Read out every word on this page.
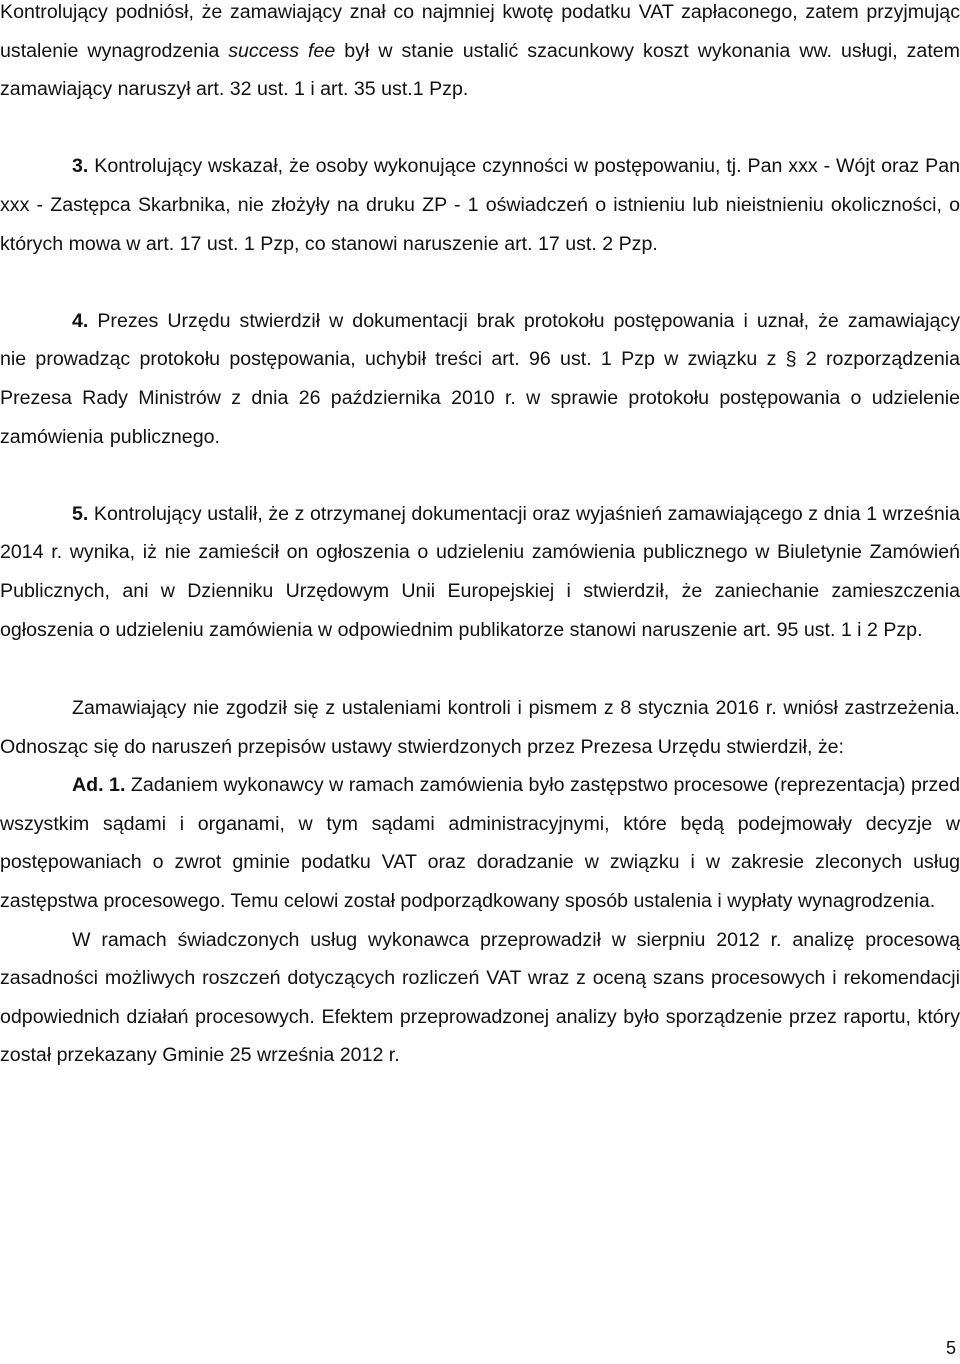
Kontrolujący podniósł, że zamawiający znał co najmniej kwotę podatku VAT zapłaconego, zatem przyjmując ustalenie wynagrodzenia success fee był w stanie ustalić szacunkowy koszt wykonania ww. usługi, zatem zamawiający naruszył art. 32 ust. 1 i art. 35 ust.1 Pzp.

3. Kontrolujący wskazał, że osoby wykonujące czynności w postępowaniu, tj. Pan xxx - Wójt oraz Pan xxx - Zastępca Skarbnika, nie złożyły na druku ZP - 1 oświadczeń o istnieniu lub nieistnieniu okoliczności, o których mowa w art. 17 ust. 1 Pzp, co stanowi naruszenie art. 17 ust. 2 Pzp.

4. Prezes Urzędu stwierdził w dokumentacji brak protokołu postępowania i uznał, że zamawiający nie prowadząc protokołu postępowania, uchybił treści art. 96 ust. 1 Pzp w związku z § 2 rozporządzenia Prezesa Rady Ministrów z dnia 26 października 2010 r. w sprawie protokołu postępowania o udzielenie zamówienia publicznego.

5. Kontrolujący ustalił, że z otrzymanej dokumentacji oraz wyjaśnień zamawiającego z dnia 1 września 2014 r. wynika, iż nie zamieścił on ogłoszenia o udzieleniu zamówienia publicznego w Biuletynie Zamówień Publicznych, ani w Dzienniku Urzędowym Unii Europejskiej i stwierdził, że zaniechanie zamieszczenia ogłoszenia o udzieleniu zamówienia w odpowiednim publikatorze stanowi naruszenie art. 95 ust. 1 i 2 Pzp.

Zamawiający nie zgodził się z ustaleniami kontroli i pismem z 8 stycznia 2016 r. wniósł zastrzeżenia. Odnosząc się do naruszeń przepisów ustawy stwierdzonych przez Prezesa Urzędu stwierdził, że:

Ad. 1. Zadaniem wykonawcy w ramach zamówienia było zastępstwo procesowe (reprezentacja) przed wszystkim sądami i organami, w tym sądami administracyjnymi, które będą podejmowały decyzje w postępowaniach o zwrot gminie podatku VAT oraz doradzanie w związku i w zakresie zleconych usług zastępstwa procesowego. Temu celowi został podporządkowany sposób ustalenia i wypłaty wynagrodzenia.

W ramach świadczonych usług wykonawca przeprowadził w sierpniu 2012 r. analizę procesową zasadności możliwych roszczeń dotyczących rozliczeń VAT wraz z oceną szans procesowych i rekomendacji odpowiednich działań procesowych. Efektem przeprowadzonej analizy było sporządzenie przez raportu, który został przekazany Gminie 25 września 2012 r.

5
